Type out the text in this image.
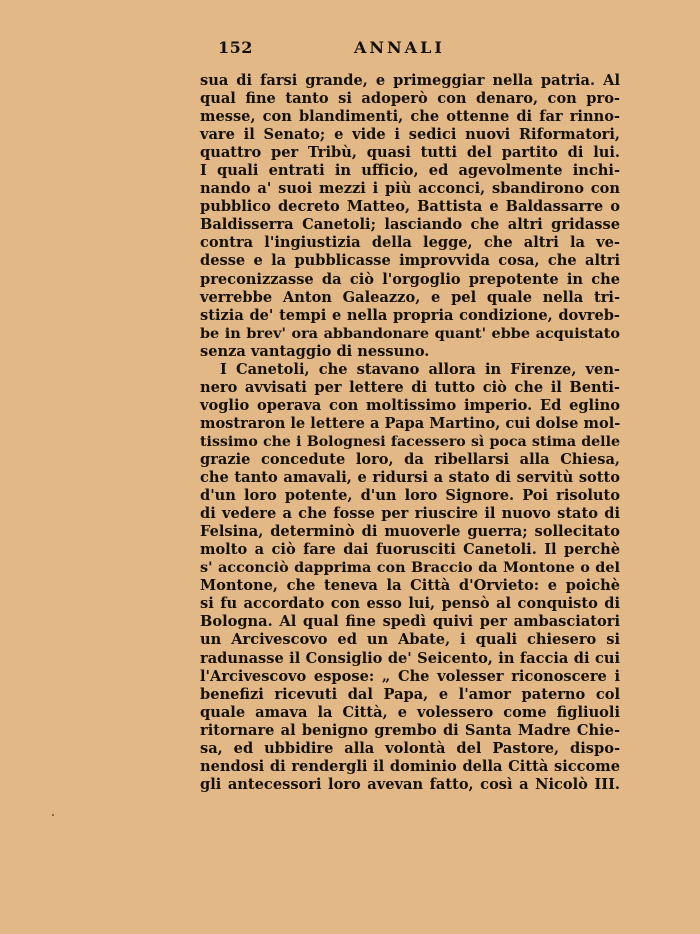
152	ANNALI
sua di farsi grande, e primeggiar nella patria. Al
qual fine tanto si adoperò con denaro, con pro-
messe, con blandimenti, che ottenne di far rinno-
vare il Senato; e vide i sedici nuovi Riformatori,
quattro per Tribù, quasi tutti del partito di lui.
I quali entrati in ufficio, ed agevolmente inchi-
nando a' suoi mezzi i più acconci, sbandirono con
pubblico decreto Matteo, Battista e Baldassarre o
Baldisserra Canetoli; lasciando che altri gridasse
contra l'ingiustizia della legge, che altri la ve-
desse e la pubblicasse improvvida cosa, che altri
preconizzasse da ciò l'orgoglio prepotente in che
verrebbe Anton Galeazzo, e pel quale nella tri-
stizia de' tempi e nella propria condizione, dovreb-
be in brev' ora abbandonare quant' ebbe acquistato
senza vantaggio di nessuno.
I Canetoli, che stavano allora in Firenze, ven-
nero avvisati per lettere di tutto ciò che il Benti-
voglio operava con moltissimo imperio. Ed eglino
mostraron le lettere a Papa Martino, cui dolse mol-
tissimo che i Bolognesi facessero sì poca stima delle
grazie concedute loro, da ribellarsi alla Chiesa,
che tanto amavali, e ridursi a stato di servitù sotto
d'un loro potente, d'un loro Signore. Poi risoluto
di vedere a che fosse per riuscire il nuovo stato di
Felsina, determinò di muoverle guerra; sollecitato
molto a ciò fare dai fuorusciti Canetoli. Il perchè
s' acconciò dapprima con Braccio da Montone o del
Montone, che teneva la Città d'Orvieto: e poichè
si fu accordato con esso lui, pensò al conquisto di
Bologna. Al qual fine spedì quivi per ambasciatori
un Arcivescovo ed un Abate, i quali chiesero si
radunasse il Consiglio de' Seicento, in faccia di cui
l'Arcivescovo espose: „ Che volesser riconoscere i
benefizi ricevuti dal Papa, e l'amor paterno col
quale amava la Città, e volessero come figliuoli
ritornare al benigno grembo di Santa Madre Chie-
sa, ed ubbidire alla volontà del Pastore, dispo-
nendosi di rendergli il dominio della Città siccome
gli antecessori loro avevan fatto, così a Nicolò III.
